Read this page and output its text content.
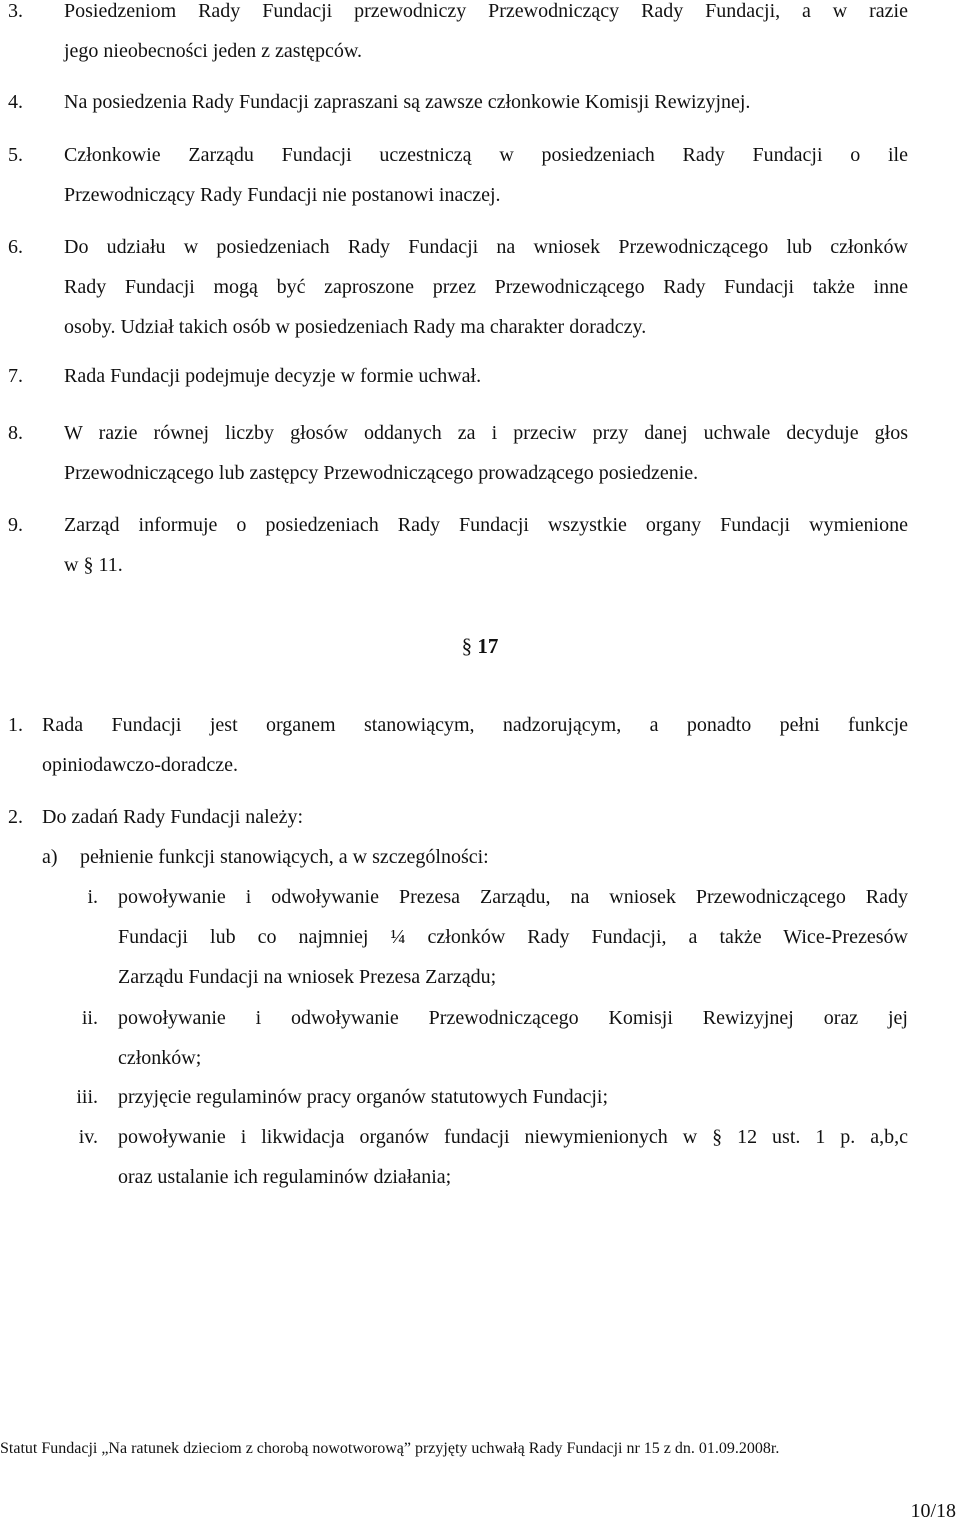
3. Posiedzeniom Rady Fundacji przewodniczy Przewodniczący Rady Fundacji, a w razie
jego nieobecności jeden z zastępców.
4. Na posiedzenia Rady Fundacji zapraszani są zawsze członkowie Komisji Rewizyjnej.
5. Członkowie Zarządu Fundacji uczestniczą w posiedzeniach Rady Fundacji o ile
Przewodniczący Rady Fundacji nie postanowi inaczej.
6. Do udziału w posiedzeniach Rady Fundacji na wniosek Przewodniczącego lub członków
Rady Fundacji mogą być zaproszone przez Przewodniczącego Rady Fundacji także inne
osoby. Udział takich osób w posiedzeniach Rady ma charakter doradczy.
7. Rada Fundacji podejmuje decyzje w formie uchwał.
8. W razie równej liczby głosów oddanych za i przeciw przy danej uchwale decyduje głos
Przewodniczącego lub zastępcy Przewodniczącego prowadzącego posiedzenie.
9. Zarząd informuje o posiedzeniach Rady Fundacji wszystkie organy Fundacji wymienione
w § 11.
§ 17
1. Rada Fundacji jest organem stanowiącym, nadzorującym, a ponadto pełni funkcje
opiniodawczo-doradcze.
2. Do zadań Rady Fundacji należy:
a) pełnienie funkcji stanowiących, a w szczególności:
i. powoływanie i odwoływanie Prezesa Zarządu, na wniosek Przewodniczącego Rady
Fundacji lub co najmniej ¼ członków Rady Fundacji, a także Wice-Prezesów
Zarządu Fundacji na wniosek Prezesa Zarządu;
ii. powoływanie i odwoływanie Przewodniczącego Komisji Rewizyjnej oraz jej
członków;
iii. przyjęcie regulaminów pracy organów statutowych Fundacji;
iv. powoływanie i likwidacja organów fundacji niewymienionych w § 12 ust. 1 p. a,b,c
oraz ustalanie ich regulaminów działania;
Statut Fundacji „Na ratunek dzieciom z chorobą nowotworową” przyjęty uchwałą Rady Fundacji nr 15 z dn. 01.09.2008r.
10/18
